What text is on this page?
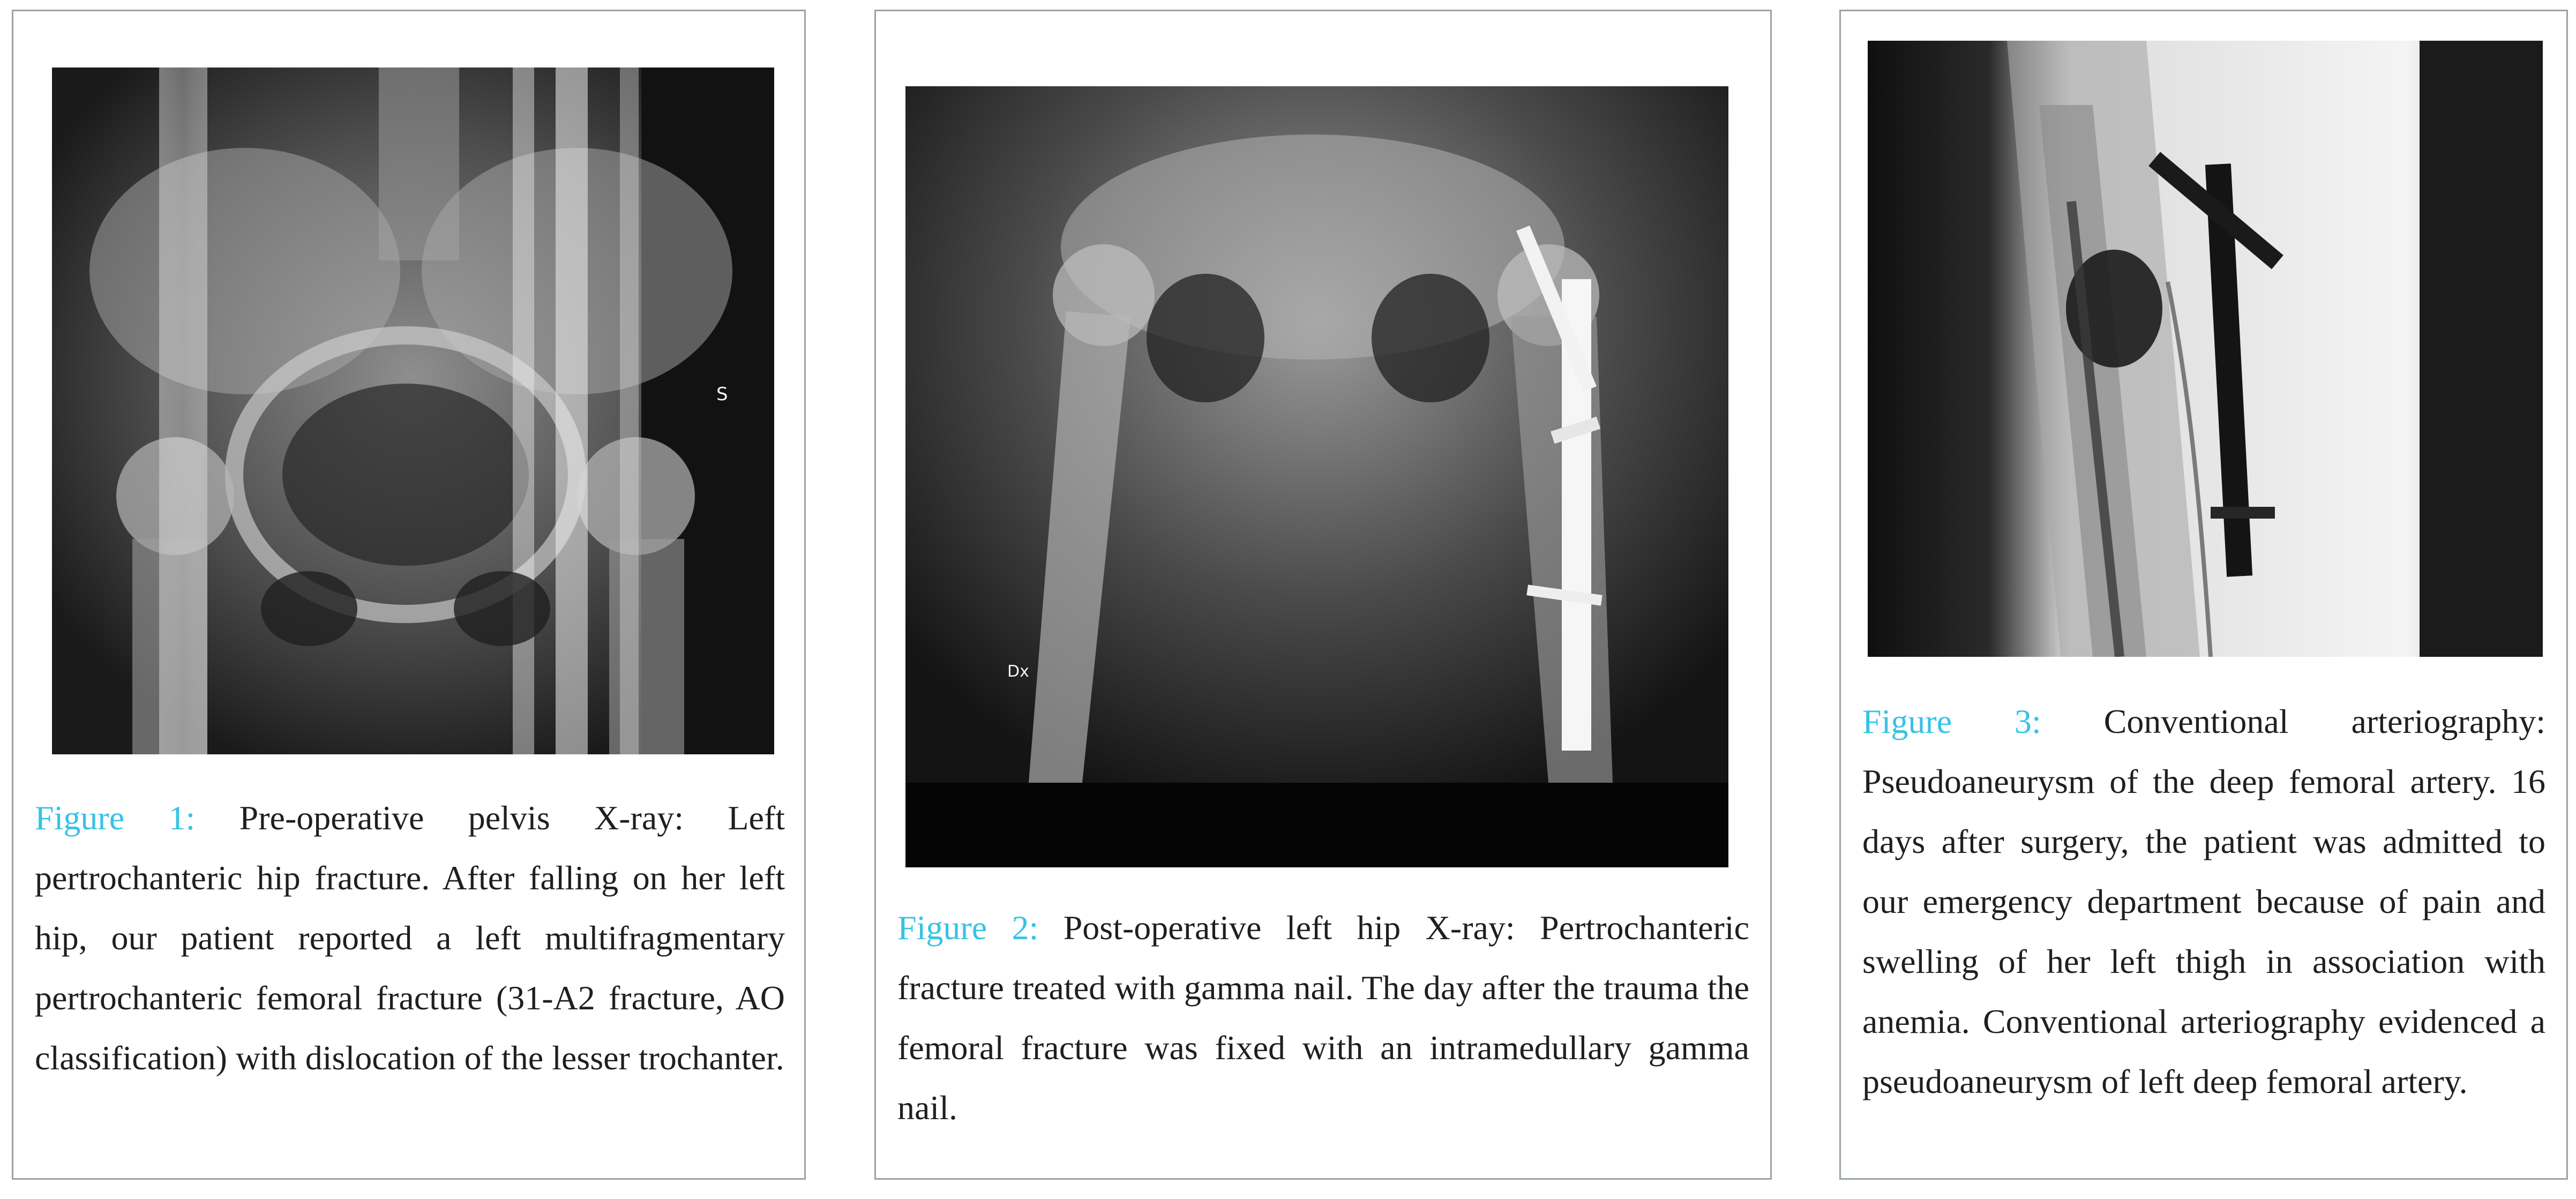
S
Figure 1: Pre-operative pelvis X-ray: Left pertrochanteric hip fracture. After falling on her left hip, our patient reported a left multifragmentary pertrochanteric femoral fracture (31-A2 fracture, AO classification) with dislocation of the lesser trochanter.
Dx
Figure 2: Post-operative left hip X-ray: Pertrochanteric fracture treated with gamma nail. The day after the trauma the femoral fracture was fixed with an intramedullary gamma nail.
Figure 3: Conventional arteriography: Pseudoaneurysm of the deep femoral artery. 16 days after surgery, the patient was admitted to our emergency department because of pain and swelling of her left thigh in association with anemia. Conventional arteriography evidenced a pseudoaneurysm of left deep femoral artery.
